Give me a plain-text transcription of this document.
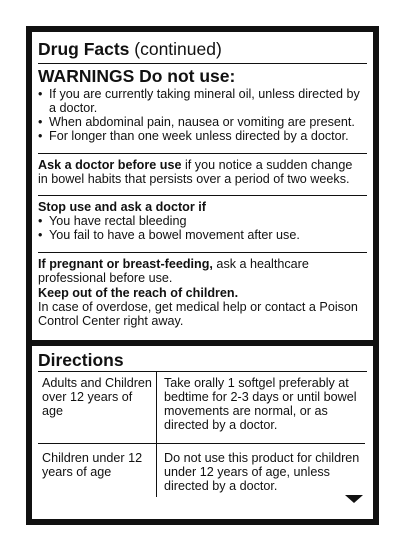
Drug Facts (continued)
WARNINGS Do not use:
• If you are currently taking mineral oil, unless directed by a doctor.
• When abdominal pain, nausea or vomiting are present.
• For longer than one week unless directed by a doctor.
Ask a doctor before use if you notice a sudden change in bowel habits that persists over a period of two weeks.
Stop use and ask a doctor if
• You have rectal bleeding
• You fail to have a bowel movement after use.
If pregnant or breast-feeding, ask a healthcare professional before use.
Keep out of the reach of children.
In case of overdose, get medical help or contact a Poison Control Center right away.
Directions
Adults and Children over 12 years of age
Take orally 1 softgel preferably at bedtime for 2-3 days or until bowel movements are normal, or as directed by a doctor.
Children under 12 years of age
Do not use this product for children under 12 years of age, unless directed by a doctor.
